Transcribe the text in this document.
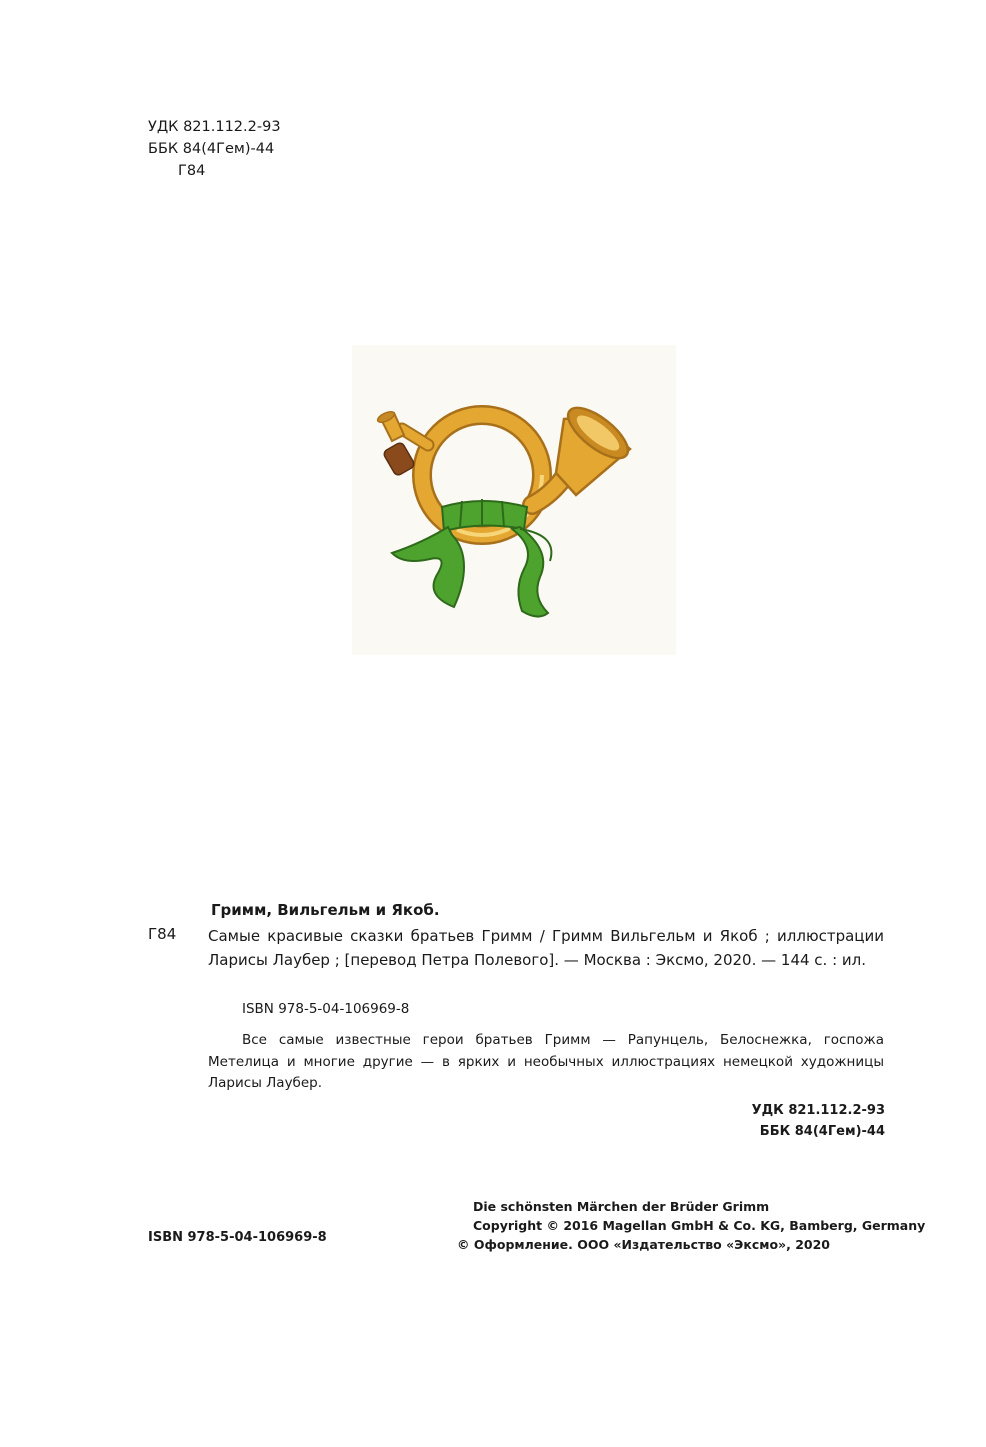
УДК 821.112.2-93
ББК 84(4Гем)-44
Г84
Гримм, Вильгельм и Якоб.
Г84 Самые красивые сказки братьев Гримм / Гримм Вильгельм и Якоб ; иллюстрации Ларисы Лаубер ; [перевод Петра Полевого]. — Москва : Эксмо, 2020. — 144 с. : ил.
ISBN 978-5-04-106969-8
Все самые известные герои братьев Гримм — Рапунцель, Белоснежка, госпожа Метелица и многие другие — в ярких и необычных иллюстрациях немецкой художницы Ларисы Лаубер.
УДК 821.112.2-93
ББК 84(4Гем)-44
Die schönsten Märchen der Brüder Grimm
Copyright © 2016 Magellan GmbH & Co. KG, Bamberg, Germany
© Оформление. ООО «Издательство «Эксмо», 2020
ISBN 978-5-04-106969-8
